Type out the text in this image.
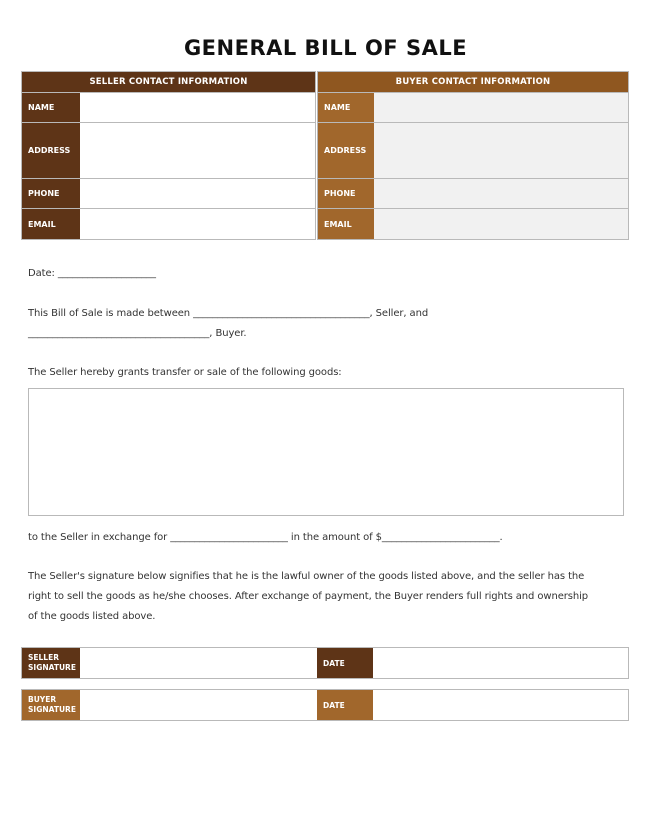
GENERAL BILL OF SALE
SELLER CONTACT INFORMATION
NAME
ADDRESS
PHONE
EMAIL
BUYER CONTACT INFORMATION
NAME
ADDRESS
PHONE
EMAIL
Date: ____________________
This Bill of Sale is made between ____________________________________, Seller, and
_____________________________________, Buyer.
The Seller hereby grants transfer or sale of the following goods:
to the Seller in exchange for ________________________ in the amount of $________________________.
The Seller's signature below signifies that he is the lawful owner of the goods listed above, and the seller has the
right to sell the goods as he/she chooses. After exchange of payment, the Buyer renders full rights and ownership
of the goods listed above.
SELLER
SIGNATURE	DATE
BUYER
SIGNATURE	DATE
